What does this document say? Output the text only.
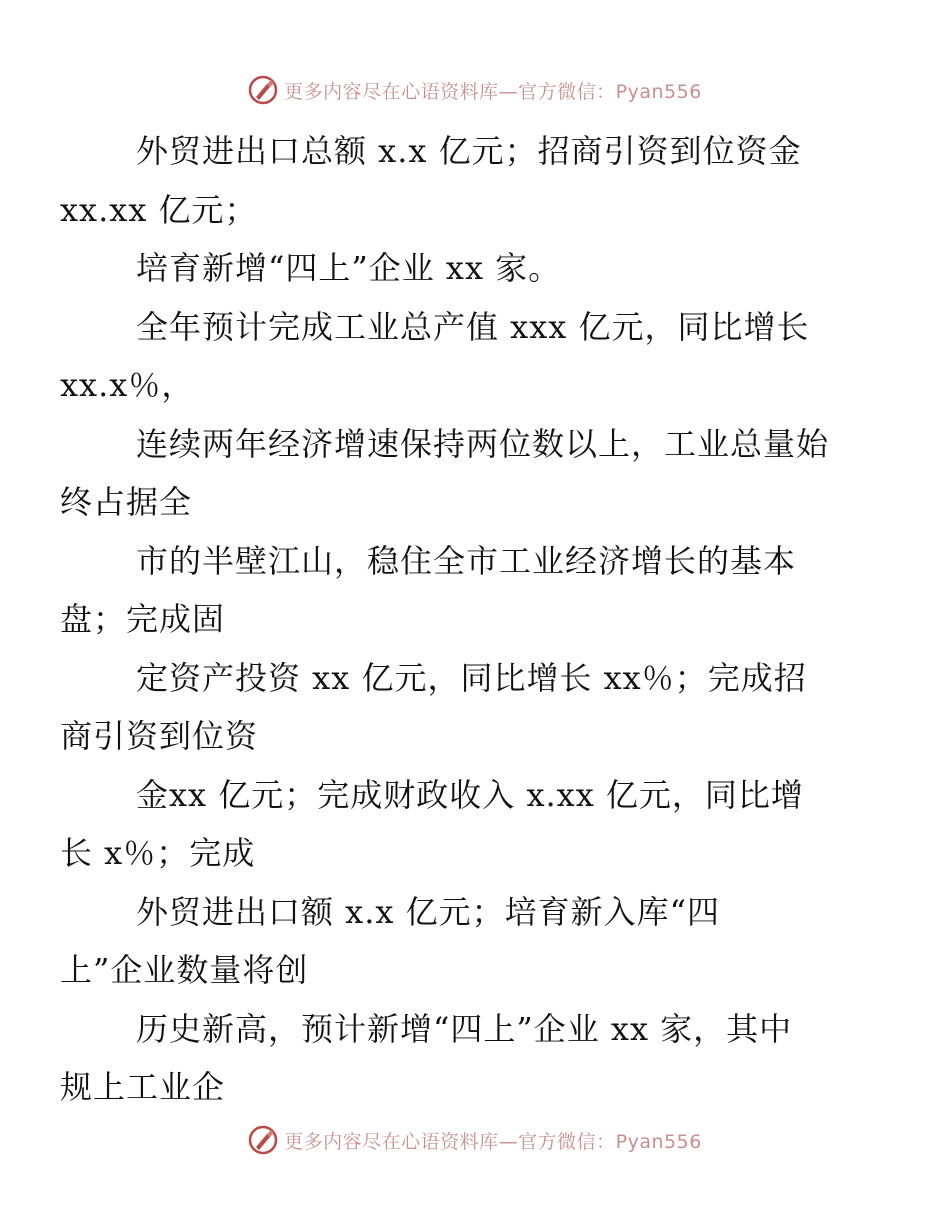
更多内容尽在心语资料库—官方微信：Pyan556

外贸进出口总额 x.x 亿元；招商引资到位资金
xx.xx 亿元；

培育新增“四上”企业 xx 家。

全年预计完成工业总产值 xxx 亿元，同比增长
xx.x％，

连续两年经济增速保持两位数以上，工业总量始
终占据全

市的半壁江山，稳住全市工业经济增长的基本
盘；完成固

定资产投资 xx 亿元，同比增长 xx％；完成招
商引资到位资

金xx 亿元；完成财政收入 x.xx 亿元，同比增
长 x％；完成

外贸进出口额 x.x 亿元；培育新入库“四
上”企业数量将创

历史新高，预计新增“四上”企业 xx 家，其中
规上工业企

更多内容尽在心语资料库—官方微信：Pyan556
